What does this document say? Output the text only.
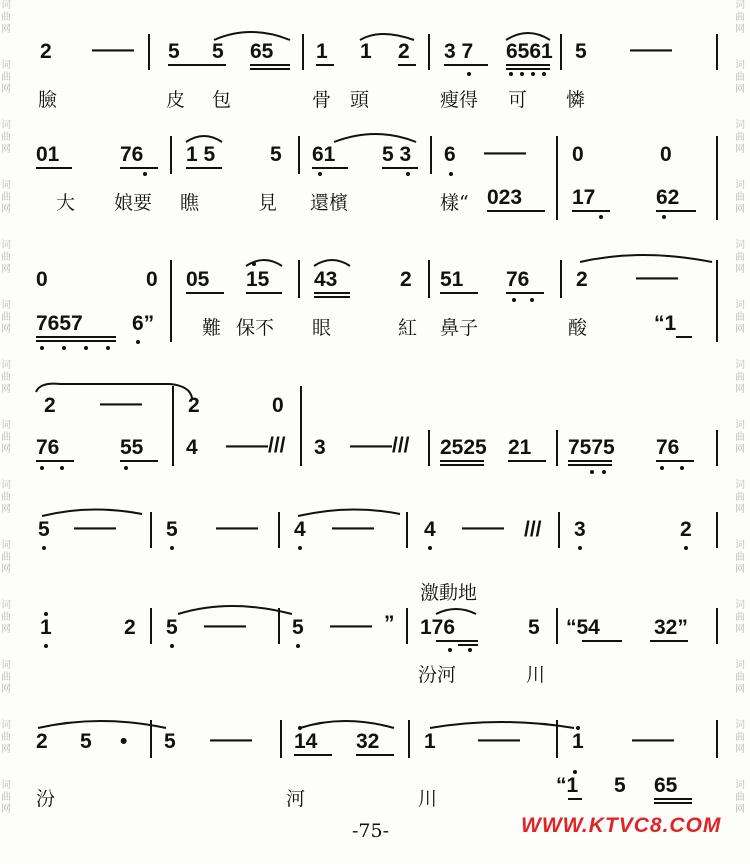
词
曲
网
词
曲
网
词
曲
网
词
曲
网
词
曲
网
词
曲
网
词
曲
网
词
曲
网
词
曲
网
词
曲
网
词
曲
网
词
曲
网
词
曲
网
词
曲
网
词
曲
网
词
曲
网
词
曲
网
词
曲
网
词
曲
网
词
曲
网
词
曲
网
词
曲
网
词
曲
网
词
曲
网
词
曲
网
词
曲
网
词
曲
网
词
曲
网
2 —— 5 5 65 1 1 2 3 7 6561 5 ——
臉	皮 包	骨 頭	瘦得 可 憐
01	76 1 5	5 61 5 3 6 —— 0	0
大 娘要 瞧	見 還檳	樣“ 023 17	62
0	0 05 15 43	2 51 76 2 ——
7657 6”	難 保不 眼	紅 鼻子	酸	“1
2 —— 2	0
76	55 4 ——/// 3 ——/// 2525 21 7575 76
5 —— 5 —— 4 —— 4 —— /// 3	2
激動地
1	2 5 —— 5 —— ” 176	5 “54	32”
汾河	川
2 5 • 5 —— 14 32 1 —— 1 ——
汾	河	川
“1 5 65
-75-	WWW.KTVC8.COM
